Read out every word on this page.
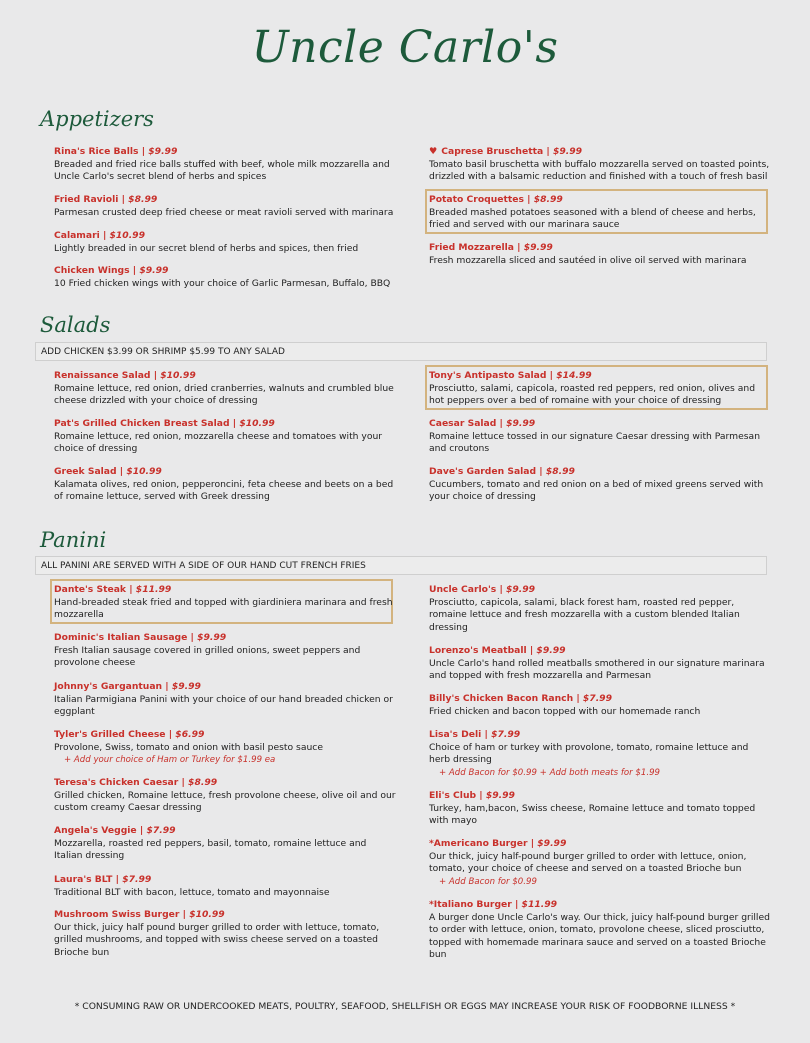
Uncle Carlo's
Appetizers
Salads
Panini
ADD CHICKEN $3.99 OR SHRIMP $5.99 TO ANY SALAD
ALL PANINI ARE SERVED WITH A SIDE OF OUR HAND CUT FRENCH FRIES
Rina's Rice Balls | $9.99
Breaded and fried rice balls stuffed with beef, whole milk mozzarella and
Uncle Carlo's secret blend of herbs and spices
Fried Ravioli | $8.99
Parmesan crusted deep fried cheese or meat ravioli served with marinara
Calamari | $10.99
Lightly breaded in our secret blend of herbs and spices, then fried
Chicken Wings | $9.99
10 Fried chicken wings with your choice of Garlic Parmesan, Buffalo, BBQ
♥ Caprese Bruschetta | $9.99
Tomato basil bruschetta with buffalo mozzarella served on toasted points,
drizzled with a balsamic reduction and finished with a touch of fresh basil
Potato Croquettes | $8.99
Breaded mashed potatoes seasoned with a blend of cheese and herbs,
fried and served with our marinara sauce
Fried Mozzarella | $9.99
Fresh mozzarella sliced and sautéed in olive oil served with marinara
Renaissance Salad | $10.99
Romaine lettuce, red onion, dried cranberries, walnuts and crumbled blue
cheese drizzled with your choice of dressing
Pat's Grilled Chicken Breast Salad | $10.99
Romaine lettuce, red onion, mozzarella cheese and tomatoes with your
choice of dressing
Greek Salad | $10.99
Kalamata olives, red onion, pepperoncini, feta cheese and beets on a bed
of romaine lettuce, served with Greek dressing
Tony's Antipasto Salad | $14.99
Prosciutto, salami, capicola, roasted red peppers, red onion, olives and
hot peppers over a bed of romaine with your choice of dressing
Caesar Salad | $9.99
Romaine lettuce tossed in our signature Caesar dressing with Parmesan
and croutons
Dave's Garden Salad | $8.99
Cucumbers, tomato and red onion on a bed of mixed greens served with
your choice of dressing
Dante's Steak | $11.99
Hand-breaded steak fried and topped with giardiniera marinara and fresh
mozzarella
Dominic's Italian Sausage | $9.99
Fresh Italian sausage covered in grilled onions, sweet peppers and
provolone cheese
Johnny's Gargantuan | $9.99
Italian Parmigiana Panini with your choice of our hand breaded chicken or
eggplant
Tyler's Grilled Cheese | $6.99
Provolone, Swiss, tomato and onion with basil pesto sauce
+ Add your choice of Ham or Turkey for $1.99 ea
Teresa's Chicken Caesar | $8.99
Grilled chicken, Romaine lettuce, fresh provolone cheese, olive oil and our
custom creamy Caesar dressing
Angela's Veggie | $7.99
Mozzarella, roasted red peppers, basil, tomato, romaine lettuce and
Italian dressing
Laura's BLT | $7.99
Traditional BLT with bacon, lettuce, tomato and mayonnaise
Mushroom Swiss Burger | $10.99
Our thick, juicy half pound burger grilled to order with lettuce, tomato,
grilled mushrooms, and topped with swiss cheese served on a toasted
Brioche bun
Uncle Carlo's | $9.99
Prosciutto, capicola, salami, black forest ham, roasted red pepper,
romaine lettuce and fresh mozzarella with a custom blended Italian
dressing
Lorenzo's Meatball | $9.99
Uncle Carlo's hand rolled meatballs smothered in our signature marinara
and topped with fresh mozzarella and Parmesan
Billy's Chicken Bacon Ranch | $7.99
Fried chicken and bacon topped with our homemade ranch
Lisa's Deli | $7.99
Choice of ham or turkey with provolone, tomato, romaine lettuce and
herb dressing
+ Add Bacon for $0.99 + Add both meats for $1.99
Eli's Club | $9.99
Turkey, ham,bacon, Swiss cheese, Romaine lettuce and tomato topped
with mayo
*Americano Burger | $9.99
Our thick, juicy half-pound burger grilled to order with lettuce, onion,
tomato, your choice of cheese and served on a toasted Brioche bun
+ Add Bacon for $0.99
*Italiano Burger | $11.99
A burger done Uncle Carlo's way. Our thick, juicy half-pound burger grilled
to order with lettuce, onion, tomato, provolone cheese, sliced prosciutto,
topped with homemade marinara sauce and served on a toasted Brioche
bun
* CONSUMING RAW OR UNDERCOOKED MEATS, POULTRY, SEAFOOD, SHELLFISH OR EGGS MAY INCREASE YOUR RISK OF FOODBORNE ILLNESS *
